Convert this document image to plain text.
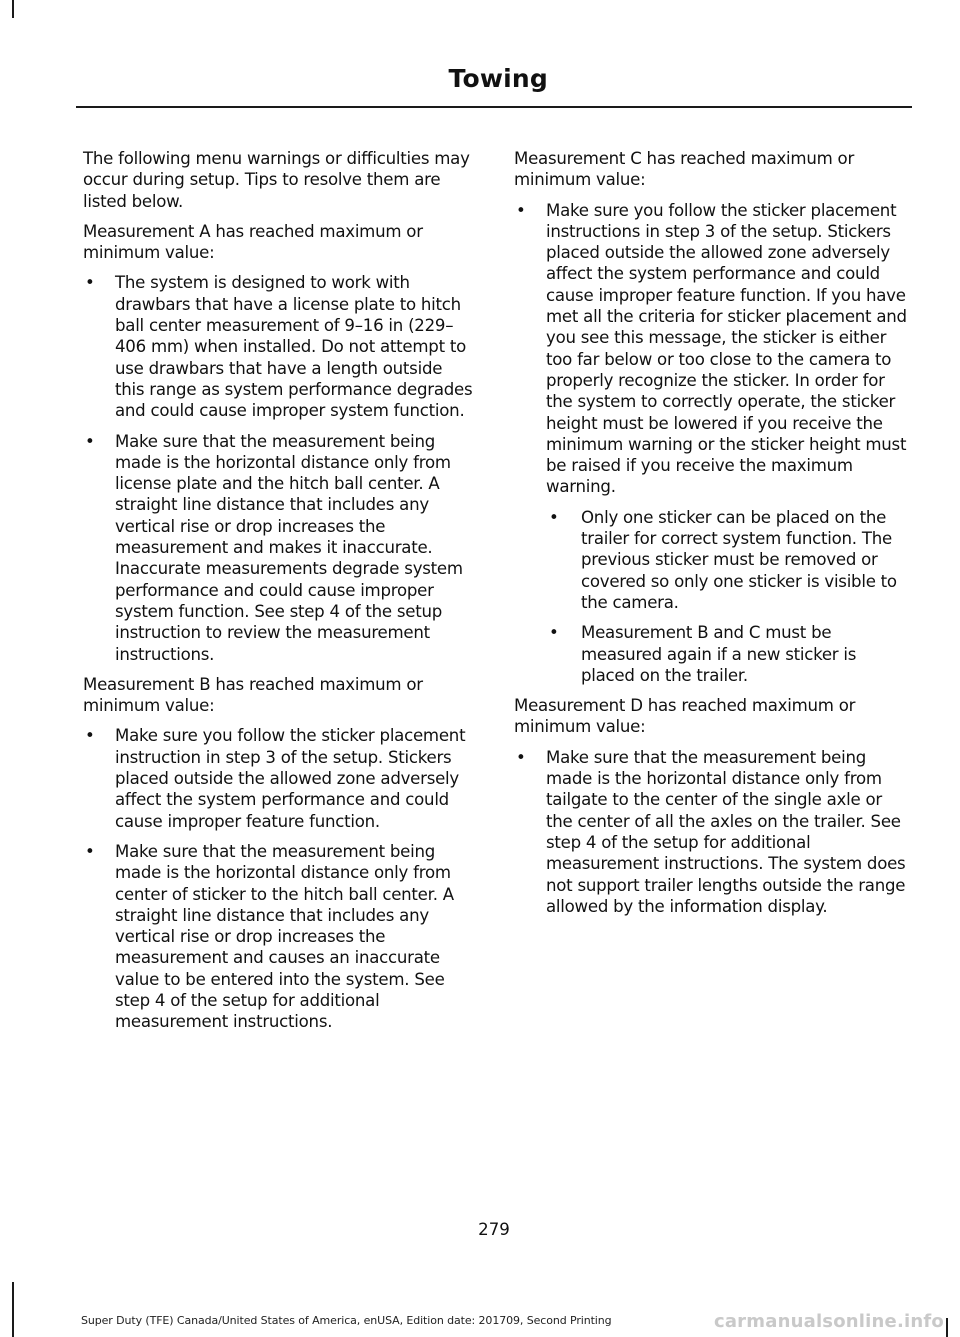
Towing

The following menu warnings or difficulties may occur during setup. Tips to resolve them are listed below.

Measurement A has reached maximum or minimum value:

• The system is designed to work with drawbars that have a license plate to hitch ball center measurement of 9–16 in (229–406 mm) when installed. Do not attempt to use drawbars that have a length outside this range as system performance degrades and could cause improper system function.
• Make sure that the measurement being made is the horizontal distance only from license plate and the hitch ball center. A straight line distance that includes any vertical rise or drop increases the measurement and makes it inaccurate. Inaccurate measurements degrade system performance and could cause improper system function. See step 4 of the setup instruction to review the measurement instructions.

Measurement B has reached maximum or minimum value:

• Make sure you follow the sticker placement instruction in step 3 of the setup. Stickers placed outside the allowed zone adversely affect the system performance and could cause improper feature function.
• Make sure that the measurement being made is the horizontal distance only from center of sticker to the hitch ball center. A straight line distance that includes any vertical rise or drop increases the measurement and causes an inaccurate value to be entered into the system. See step 4 of the setup for additional measurement instructions.

Measurement C has reached maximum or minimum value:

• Make sure you follow the sticker placement instructions in step 3 of the setup. Stickers placed outside the allowed zone adversely affect the system performance and could cause improper feature function. If you have met all the criteria for sticker placement and you see this message, the sticker is either too far below or too close to the camera to properly recognize the sticker. In order for the system to correctly operate, the sticker height must be lowered if you receive the minimum warning or the sticker height must be raised if you receive the maximum warning.
• Only one sticker can be placed on the trailer for correct system function. The previous sticker must be removed or covered so only one sticker is visible to the camera.
• Measurement B and C must be measured again if a new sticker is placed on the trailer.

Measurement D has reached maximum or minimum value:

• Make sure that the measurement being made is the horizontal distance only from tailgate to the center of the single axle or the center of all the axles on the trailer. See step 4 of the setup for additional measurement instructions. The system does not support trailer lengths outside the range allowed by the information display.
279
Super Duty (TFE) Canada/United States of America, enUSA, Edition date: 201709, Second Printing	carmanualsonline.info
